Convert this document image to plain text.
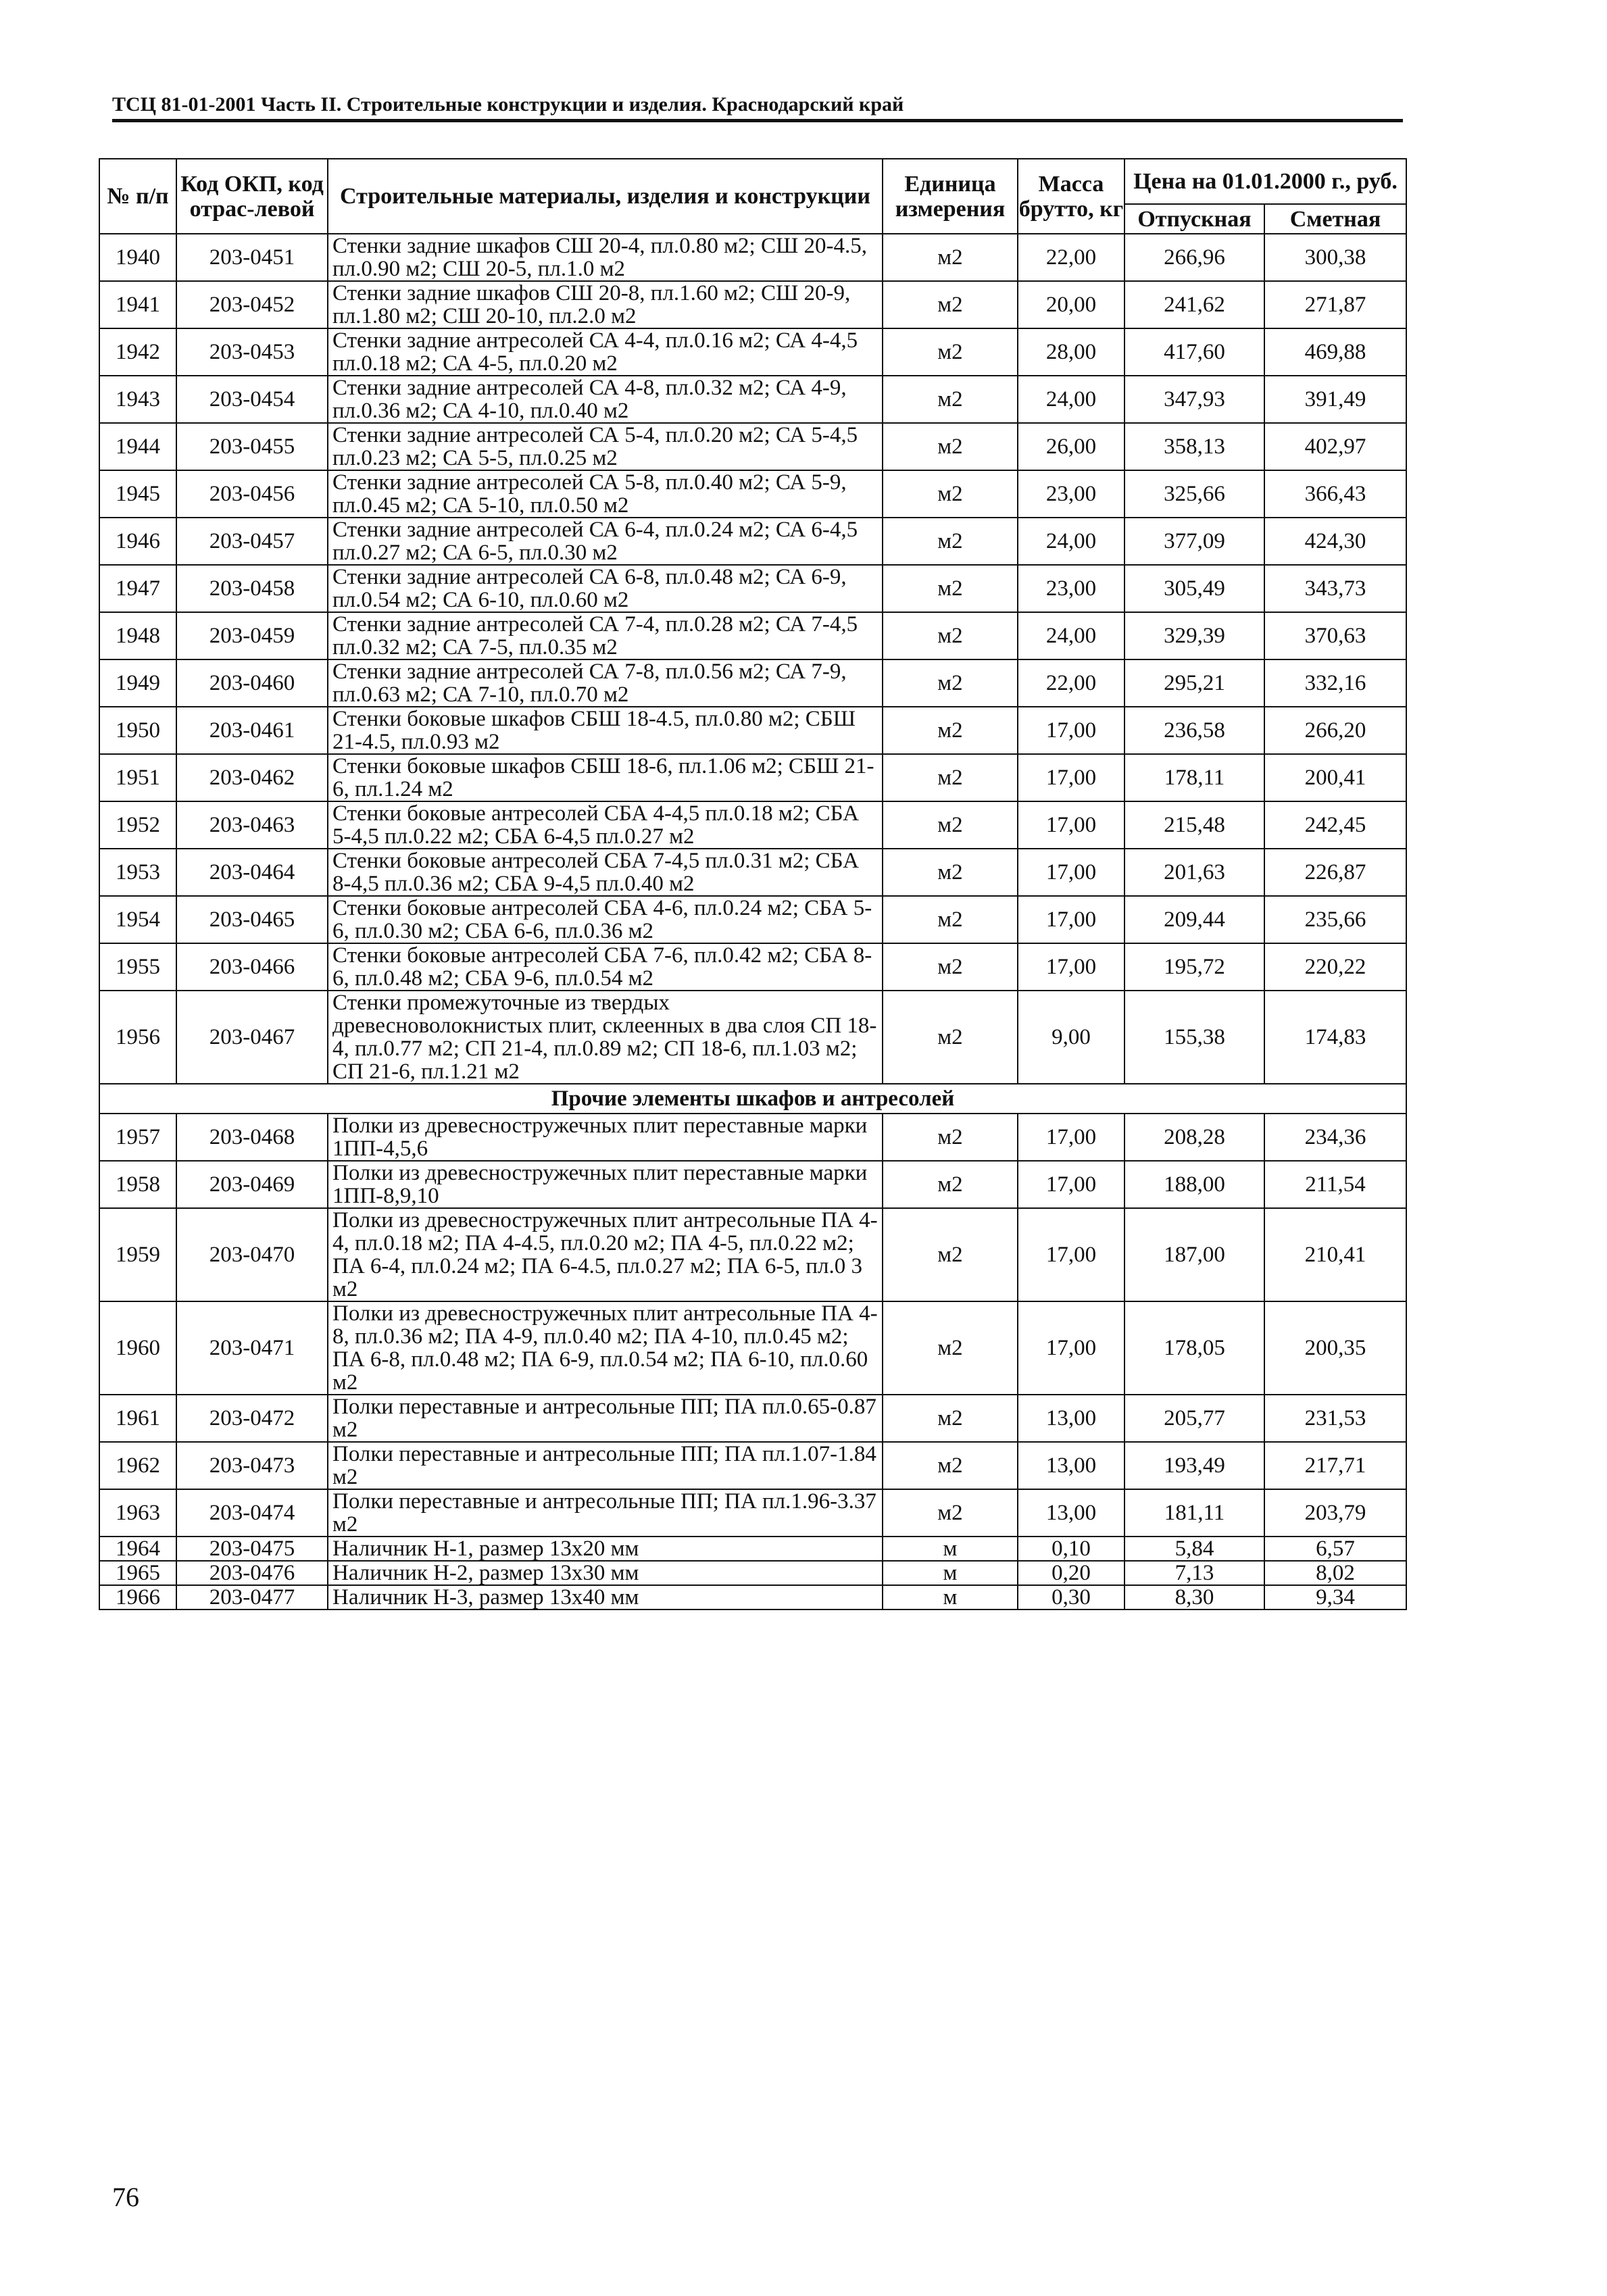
ТСЦ 81-01-2001 Часть II. Строительные конструкции и изделия. Краснодарский край
№ п/п	Код ОКП, код отрас-левой	Строительные материалы, изделия и конструкции	Единица измерения	Масса брутто, кг	Цена на 01.01.2000 г., руб.	
					Отпускная	Сметная
1940	203-0451	Стенки задние шкафов СШ 20-4, пл.0.80 м2; СШ 20-4.5, пл.0.90 м2; СШ 20-5, пл.1.0 м2	м2	22,00	266,96	300,38
1941	203-0452	Стенки задние шкафов СШ 20-8, пл.1.60 м2; СШ 20-9, пл.1.80 м2; СШ 20-10, пл.2.0 м2	м2	20,00	241,62	271,87
1942	203-0453	Стенки задние антресолей СА 4-4, пл.0.16 м2; СА 4-4,5 пл.0.18 м2; СА 4-5, пл.0.20 м2	м2	28,00	417,60	469,88
1943	203-0454	Стенки задние антресолей СА 4-8, пл.0.32 м2; СА 4-9, пл.0.36 м2; СА 4-10, пл.0.40 м2	м2	24,00	347,93	391,49
1944	203-0455	Стенки задние антресолей СА 5-4, пл.0.20 м2; СА 5-4,5 пл.0.23 м2; СА 5-5, пл.0.25 м2	м2	26,00	358,13	402,97
1945	203-0456	Стенки задние антресолей СА 5-8, пл.0.40 м2; СА 5-9, пл.0.45 м2; СА 5-10, пл.0.50 м2	м2	23,00	325,66	366,43
1946	203-0457	Стенки задние антресолей СА 6-4, пл.0.24 м2; СА 6-4,5 пл.0.27 м2; СА 6-5, пл.0.30 м2	м2	24,00	377,09	424,30
1947	203-0458	Стенки задние антресолей СА 6-8, пл.0.48 м2; СА 6-9, пл.0.54 м2; СА 6-10, пл.0.60 м2	м2	23,00	305,49	343,73
1948	203-0459	Стенки задние антресолей СА 7-4, пл.0.28 м2; СА 7-4,5 пл.0.32 м2; СА 7-5, пл.0.35 м2	м2	24,00	329,39	370,63
1949	203-0460	Стенки задние антресолей СА 7-8, пл.0.56 м2; СА 7-9, пл.0.63 м2; СА 7-10, пл.0.70 м2	м2	22,00	295,21	332,16
1950	203-0461	Стенки боковые шкафов СБШ 18-4.5, пл.0.80 м2; СБШ 21-4.5, пл.0.93 м2	м2	17,00	236,58	266,20
1951	203-0462	Стенки боковые шкафов СБШ 18-6, пл.1.06 м2; СБШ 21-6, пл.1.24 м2	м2	17,00	178,11	200,41
1952	203-0463	Стенки боковые антресолей СБА 4-4,5 пл.0.18 м2; СБА 5-4,5 пл.0.22 м2; СБА 6-4,5 пл.0.27 м2	м2	17,00	215,48	242,45
1953	203-0464	Стенки боковые антресолей СБА 7-4,5 пл.0.31 м2; СБА 8-4,5 пл.0.36 м2; СБА 9-4,5 пл.0.40 м2	м2	17,00	201,63	226,87
1954	203-0465	Стенки боковые антресолей СБА 4-6, пл.0.24 м2; СБА 5-6, пл.0.30 м2; СБА 6-6, пл.0.36 м2	м2	17,00	209,44	235,66
1955	203-0466	Стенки боковые антресолей СБА 7-6, пл.0.42 м2; СБА 8-6, пл.0.48 м2; СБА 9-6, пл.0.54 м2	м2	17,00	195,72	220,22
1956	203-0467	Стенки промежуточные из твердых древесноволокнистых плит, склеенных в два слоя СП 18-4, пл.0.77 м2; СП 21-4, пл.0.89 м2; СП 18-6, пл.1.03 м2; СП 21-6, пл.1.21 м2	м2	9,00	155,38	174,83
Прочие элементы шкафов и антресолей						
1957	203-0468	Полки из древесностружечных плит переставные марки 1ПП-4,5,6	м2	17,00	208,28	234,36
1958	203-0469	Полки из древесностружечных плит переставные марки 1ПП-8,9,10	м2	17,00	188,00	211,54
1959	203-0470	Полки из древесностружечных плит антресольные ПА 4-4, пл.0.18 м2; ПА 4-4.5, пл.0.20 м2; ПА 4-5, пл.0.22 м2; ПА 6-4, пл.0.24 м2; ПА 6-4.5, пл.0.27 м2; ПА 6-5, пл.0 3 м2	м2	17,00	187,00	210,41
1960	203-0471	Полки из древесностружечных плит антресольные ПА 4-8, пл.0.36 м2; ПА 4-9, пл.0.40 м2; ПА 4-10, пл.0.45 м2; ПА 6-8, пл.0.48 м2; ПА 6-9, пл.0.54 м2; ПА 6-10, пл.0.60 м2	м2	17,00	178,05	200,35
1961	203-0472	Полки переставные и антресольные ПП; ПА пл.0.65-0.87 м2	м2	13,00	205,77	231,53
1962	203-0473	Полки переставные и антресольные ПП; ПА пл.1.07-1.84 м2	м2	13,00	193,49	217,71
1963	203-0474	Полки переставные и антресольные ПП; ПА пл.1.96-3.37 м2	м2	13,00	181,11	203,79
1964	203-0475	Наличник Н-1, размер 13х20 мм	м	0,10	5,84	6,57
1965	203-0476	Наличник Н-2, размер 13х30 мм	м	0,20	7,13	8,02
1966	203-0477	Наличник Н-3, размер 13х40 мм	м	0,30	8,30	9,34
76
